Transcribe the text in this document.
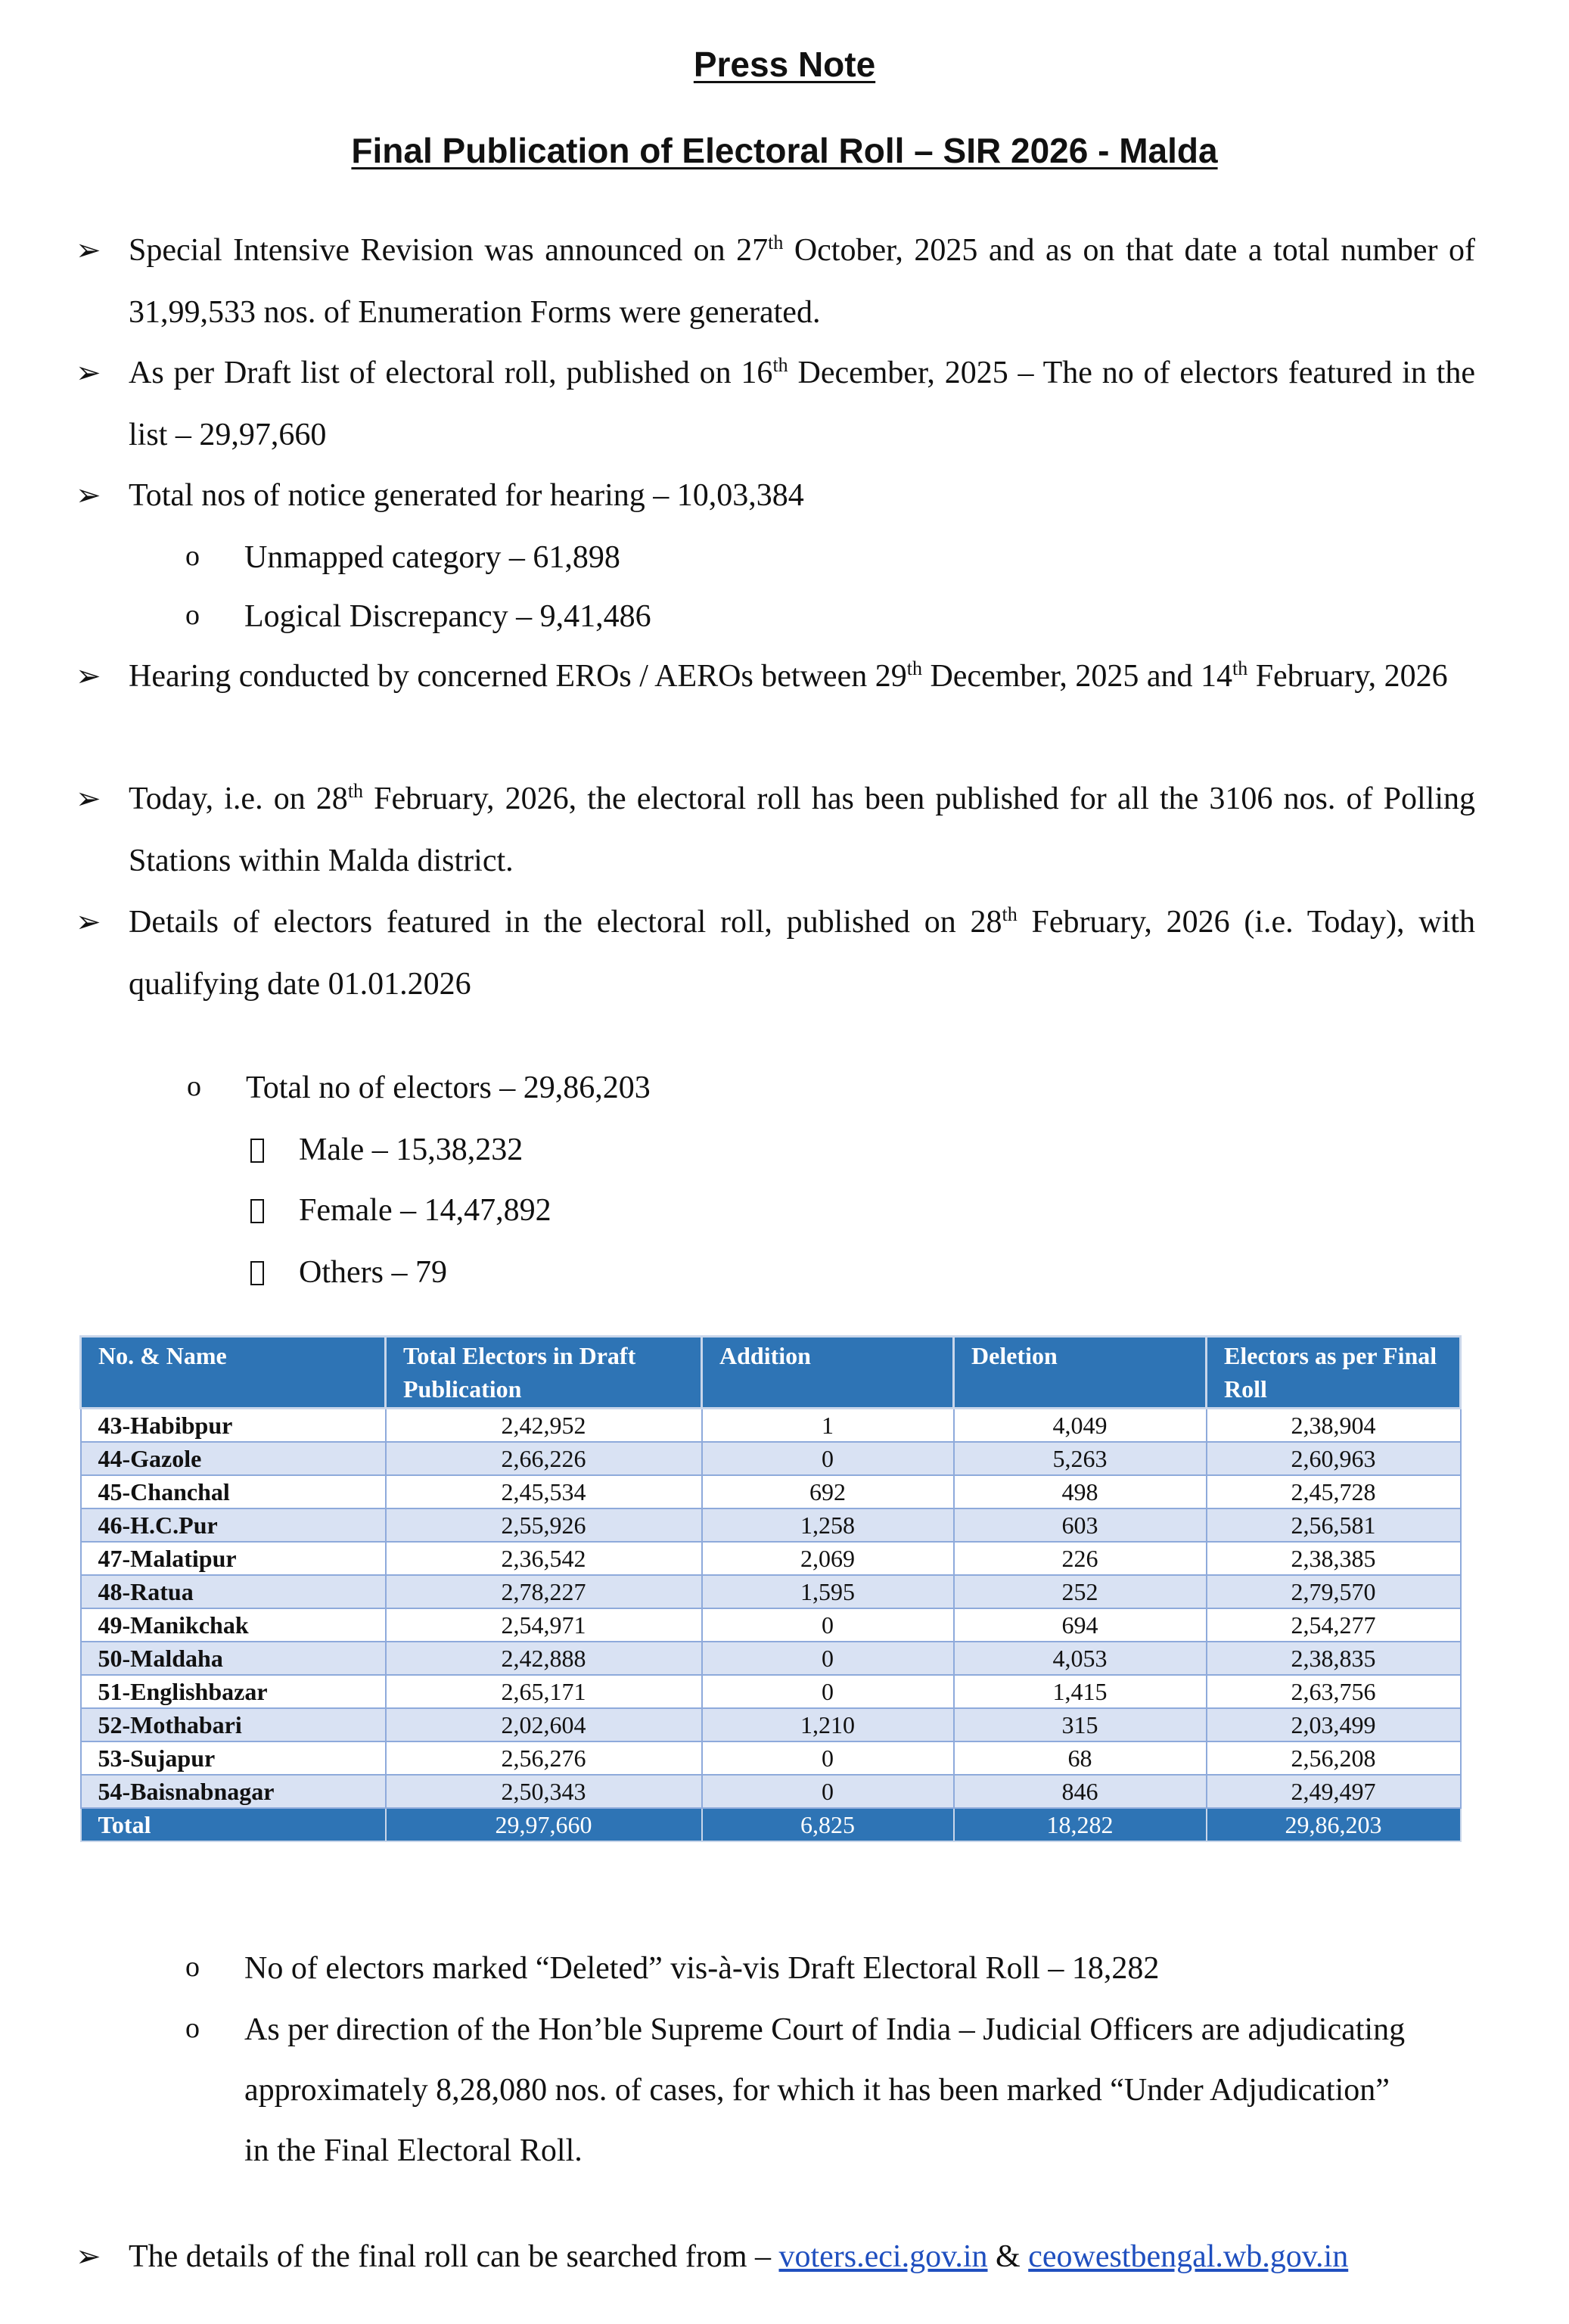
Press Note
Final Publication of Electoral Roll – SIR 2026 - Malda
➢ Special Intensive Revision was announced on 27th October, 2025 and as on that date a total number of 31,99,533 nos. of Enumeration Forms were generated.
➢ As per Draft list of electoral roll, published on 16th December, 2025 – The no of electors featured in the list – 29,97,660
➢ Total nos of notice generated for hearing – 10,03,384
o Unmapped category – 61,898
o Logical Discrepancy – 9,41,486
➢ Hearing conducted by concerned EROs / AEROs between 29th December, 2025 and 14th February, 2026
➢ Today, i.e. on 28th February, 2026, the electoral roll has been published for all the 3106 nos. of Polling Stations within Malda district.
➢ Details of electors featured in the electoral roll, published on 28th February, 2026 (i.e. Today), with qualifying date 01.01.2026
o Total no of electors – 29,86,203
Male – 15,38,232
Female – 14,47,892
Others – 79
No. & Name	Total Electors in Draft Publication	Addition	Deletion	Electors as per Final Roll
43-Habibpur	2,42,952	1	4,049	2,38,904
44-Gazole	2,66,226	0	5,263	2,60,963
45-Chanchal	2,45,534	692	498	2,45,728
46-H.C.Pur	2,55,926	1,258	603	2,56,581
47-Malatipur	2,36,542	2,069	226	2,38,385
48-Ratua	2,78,227	1,595	252	2,79,570
49-Manikchak	2,54,971	0	694	2,54,277
50-Maldaha	2,42,888	0	4,053	2,38,835
51-Englishbazar	2,65,171	0	1,415	2,63,756
52-Mothabari	2,02,604	1,210	315	2,03,499
53-Sujapur	2,56,276	0	68	2,56,208
54-Baisnabnagar	2,50,343	0	846	2,49,497
Total	29,97,660	6,825	18,282	29,86,203
o No of electors marked “Deleted” vis-à-vis Draft Electoral Roll – 18,282
o As per direction of the Hon’ble Supreme Court of India – Judicial Officers are adjudicating approximately 8,28,080 nos. of cases, for which it has been marked “Under Adjudication” in the Final Electoral Roll.
➢ The details of the final roll can be searched from – voters.eci.gov.in & ceowestbengal.wb.gov.in
